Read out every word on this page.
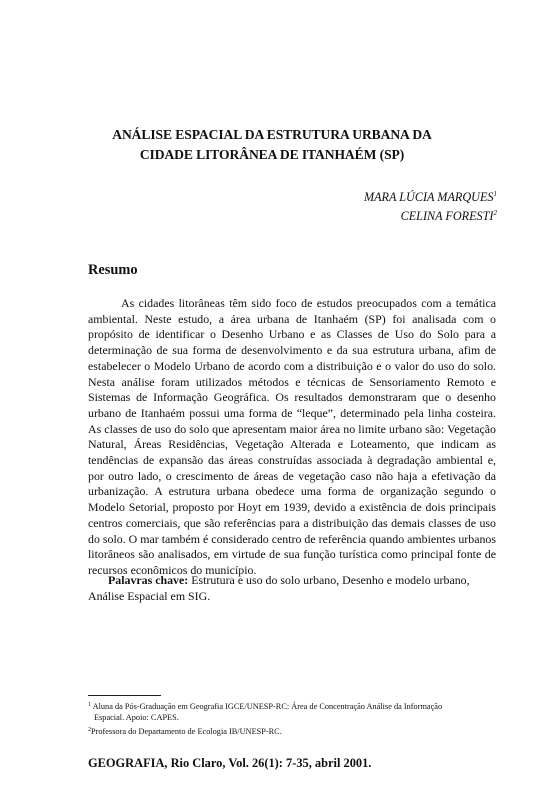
ANÁLISE ESPACIAL DA ESTRUTURA URBANA DA
CIDADE LITORÂNEA DE ITANHAÉM (SP)
MARA LÚCIA MARQUES$^1$
CELINA FORESTI$^2$
Resumo

As cidades litorâneas têm sido foco de estudos preocupados com a temática ambiental. Neste estudo, a área urbana de Itanhaém (SP) foi analisada com o propósito de identificar o Desenho Urbano e as Classes de Uso do Solo para a determinação de sua forma de desenvolvimento e da sua estrutura urbana, afim de estabelecer o Modelo Urbano de acordo com a distribuição e o valor do uso do solo. Nesta análise foram utilizados métodos e técnicas de Sensoriamento Remoto e Sistemas de Informação Geográfica. Os resultados demonstraram que o desenho urbano de Itanhaém possui uma forma de “leque”, determinado pela linha costeira. As classes de uso do solo que apresentam maior área no limite urbano são: Vegetação Natural, Áreas Residências, Vegetação Alterada e Loteamento, que indicam as tendências de expansão das áreas construídas associada à degradação ambiental e, por outro lado, o crescimento de áreas de vegetação caso não haja a efetivação da urbanização. A estrutura urbana obedece uma forma de organização segundo o Modelo Setorial, proposto por Hoyt em 1939, devido a existência de dois principais centros comerciais, que são referências para a distribuição das demais classes de uso do solo. O mar também é considerado centro de referência quando ambientes urbanos litorâneos são analisados, em virtude de sua função turística como principal fonte de recursos econômicos do município.

Palavras chave: Estrutura e uso do solo urbano, Desenho e modelo urbano, Análise Espacial em SIG.

$^1$ Aluna da Pós-Graduação em Geografia IGCE/UNESP-RC: Área de Concentração Análise da Informação
Espacial. Apoio: CAPES.
$^2$Professora do Departamento de Ecologia IB/UNESP-RC.
GEOGRAFIA, Rio Claro, Vol. 26(1): 7-35, abril 2001.
